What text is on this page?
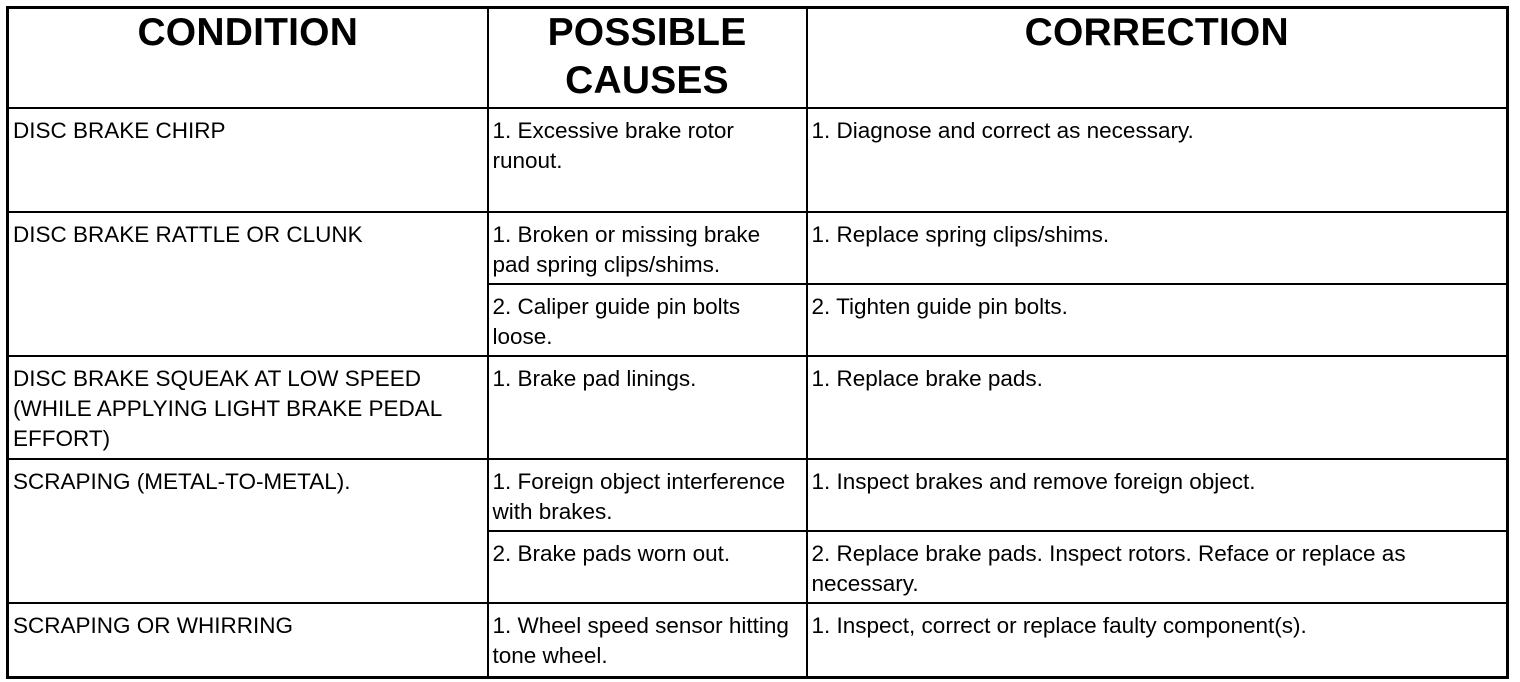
CONDITION	POSSIBLE CAUSES	CORRECTION
DISC BRAKE CHIRP	1. Excessive brake rotor runout.	1. Diagnose and correct as necessary.
DISC BRAKE RATTLE OR CLUNK	1. Broken or missing brake pad spring clips/shims.	1. Replace spring clips/shims.
	2. Caliper guide pin bolts loose.	2. Tighten guide pin bolts.
DISC BRAKE SQUEAK AT LOW SPEED (WHILE APPLYING LIGHT BRAKE PEDAL EFFORT)	1. Brake pad linings.	1. Replace brake pads.
SCRAPING (METAL-TO-METAL).	1. Foreign object interference with brakes.	1. Inspect brakes and remove foreign object.
	2. Brake pads worn out.	2. Replace brake pads. Inspect rotors. Reface or replace as necessary.
SCRAPING OR WHIRRING	1. Wheel speed sensor hitting tone wheel.	1. Inspect, correct or replace faulty component(s).
